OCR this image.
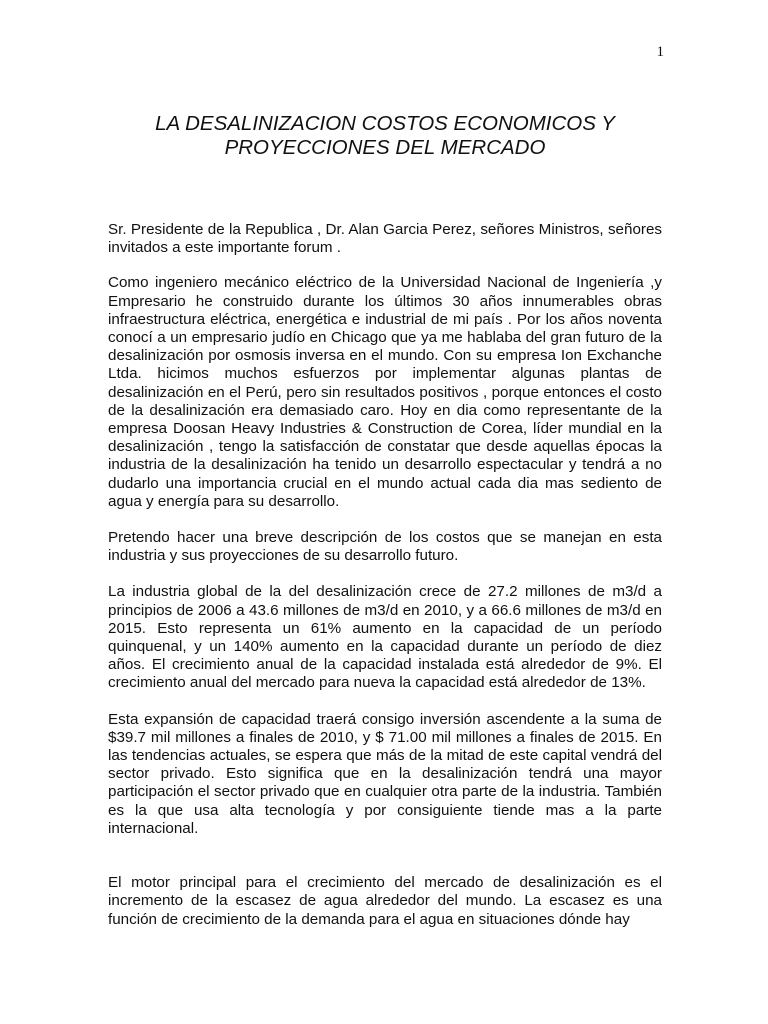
1
LA DESALINIZACION COSTOS ECONOMICOS Y
PROYECCIONES DEL MERCADO

Sr. Presidente de la Republica , Dr. Alan Garcia Perez, señores Ministros, señores invitados a este importante forum .

Como ingeniero mecánico eléctrico de la Universidad Nacional de Ingeniería ,y Empresario he construido durante los últimos 30 años innumerables obras infraestructura eléctrica, energética e industrial de mi país . Por los años noventa conocí a un empresario judío en Chicago que ya me hablaba del gran futuro de la desalinización por osmosis inversa en el mundo. Con su empresa Ion Exchanche Ltda. hicimos muchos esfuerzos por implementar algunas plantas de desalinización en el Perú, pero sin resultados positivos , porque entonces el costo de la desalinización era demasiado caro. Hoy en dia como representante de la empresa Doosan Heavy Industries & Construction de Corea, líder mundial en la desalinización , tengo la satisfacción de constatar que desde aquellas épocas la industria de la desalinización ha tenido un desarrollo espectacular y tendrá a no dudarlo una importancia crucial en el mundo actual cada dia mas sediento de agua y energía para su desarrollo.

Pretendo hacer una breve descripción de los costos que se manejan en esta industria y sus proyecciones de su desarrollo futuro.

La industria global de la del desalinización crece de 27.2 millones de m3/d a principios de 2006 a 43.6 millones de m3/d en 2010, y a 66.6 millones de m3/d en 2015. Esto representa un 61% aumento en la capacidad de un período quinquenal, y un 140% aumento en la capacidad durante un período de diez años. El crecimiento anual de la capacidad instalada está alrededor de 9%. El crecimiento anual del mercado para nueva la capacidad está alrededor de 13%.

Esta expansión de capacidad traerá consigo inversión ascendente a la suma de $39.7 mil millones a finales de 2010, y $ 71.00 mil millones a finales de 2015. En las tendencias actuales, se espera que más de la mitad de este capital vendrá del sector privado. Esto significa que en la desalinización tendrá una mayor participación el sector privado que en cualquier otra parte de la industria. También es la que usa alta tecnología y por consiguiente tiende mas a la parte internacional.

El motor principal para el crecimiento del mercado de desalinización es el incremento de la escasez de agua alrededor del mundo. La escasez es una función de crecimiento de la demanda para el agua en situaciones dónde hay
